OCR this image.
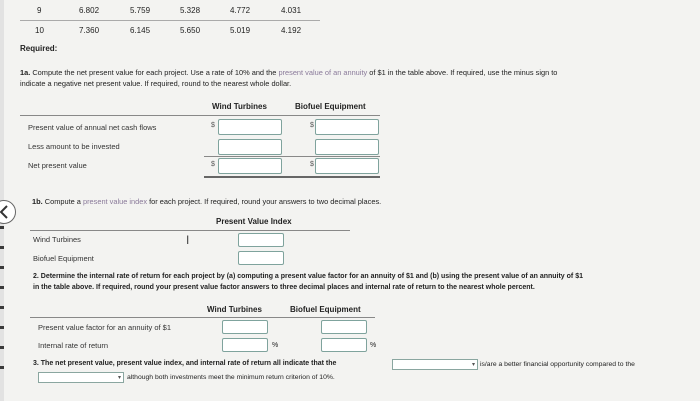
9	6.802	5.759	5.328	4.772	4.031
10	7.360	6.145	5.650	5.019	4.192
Required:
1a. Compute the net present value for each project. Use a rate of 10% and the present value of an annuity of $1 in the table above. If required, use the minus sign to
indicate a negative net present value. If required, round to the nearest whole dollar.
Wind Turbines	Biofuel Equipment
Present value of annual net cash flows	$	$
Less amount to be invested
Net present value	$	$
1b. Compute a present value index for each project. If required, round your answers to two decimal places.
Present Value Index
Wind Turbines	I
Biofuel Equipment
2. Determine the internal rate of return for each project by (a) computing a present value factor for an annuity of $1 and (b) using the present value of an annuity of $1
in the table above. If required, round your present value factor answers to three decimal places and internal rate of return to the nearest whole percent.
Wind Turbines	Biofuel Equipment
Present value factor for an annuity of $1
Internal rate of return	%	%
3. The net present value, present value index, and internal rate of return all indicate that the	▾ is/are a better financial opportunity compared to the
▾ although both investments meet the minimum return criterion of 10%.
